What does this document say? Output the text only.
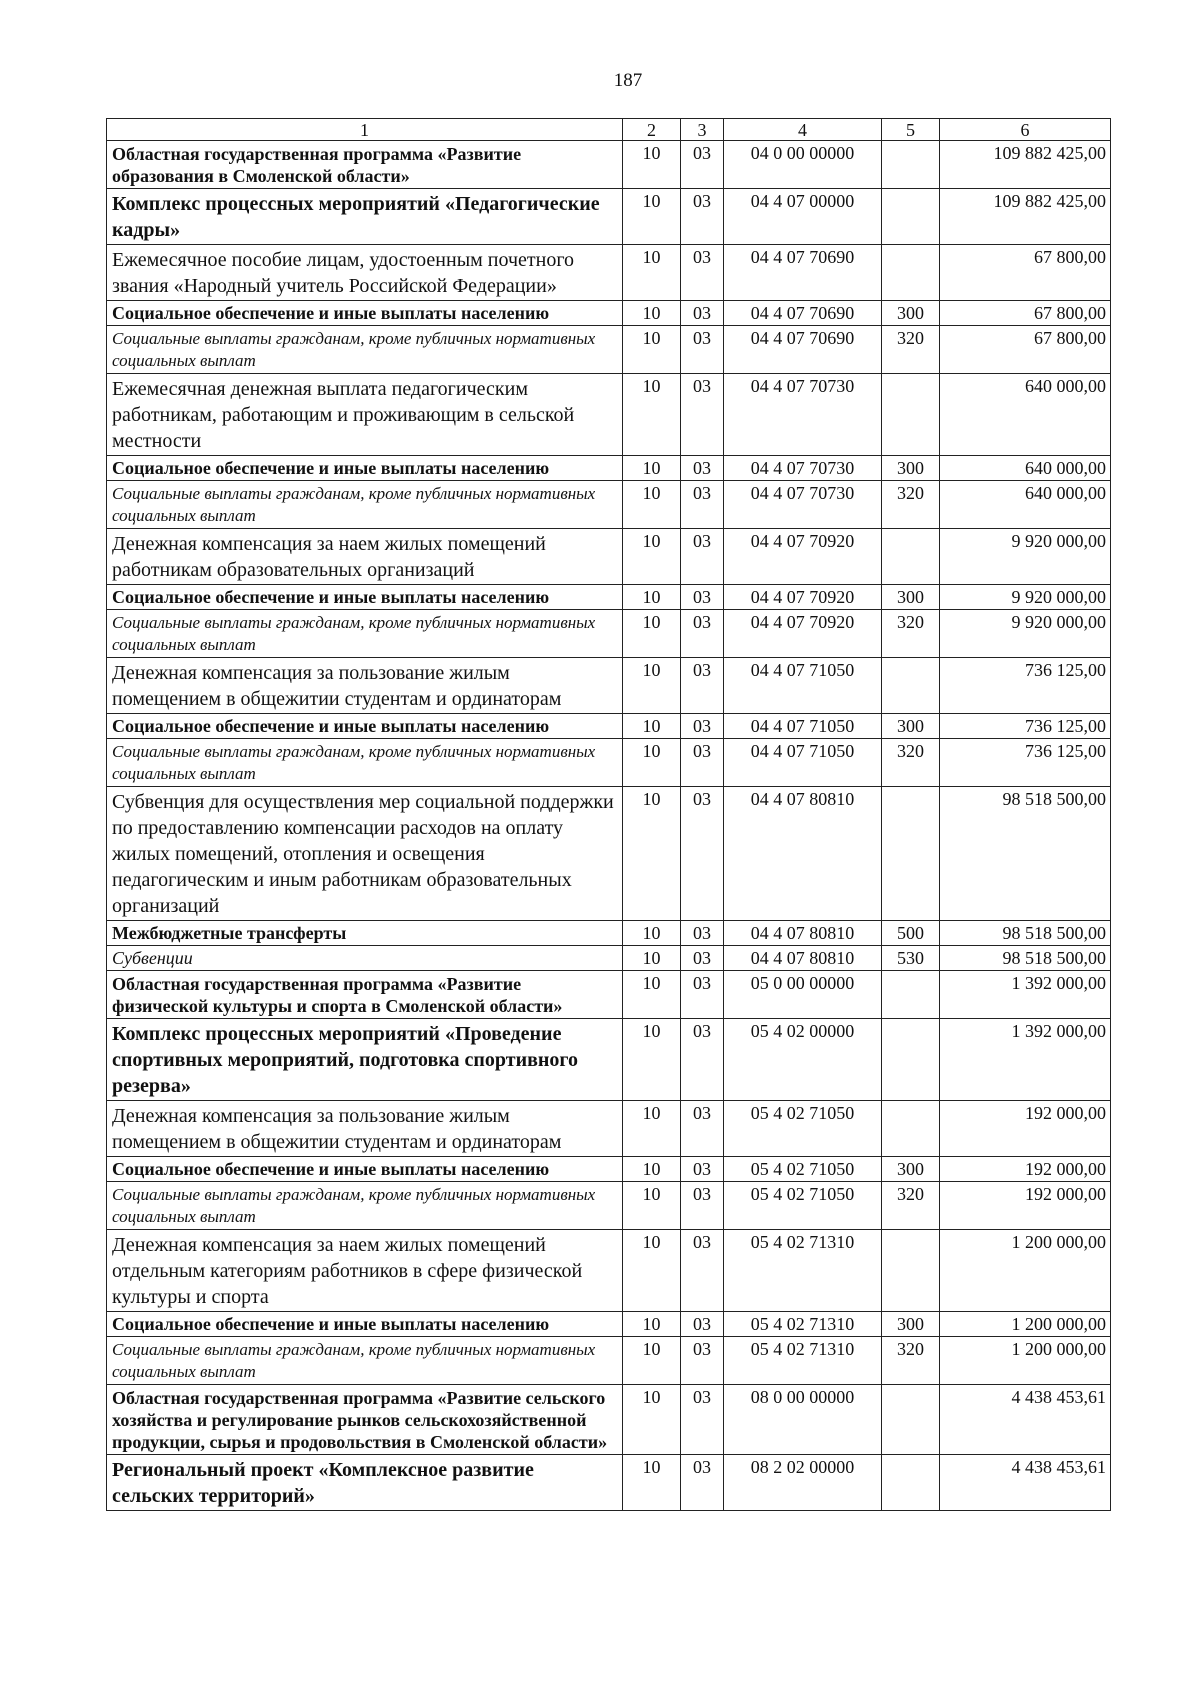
187
1	2	3	4	5	6
Областная государственная программа «Развитие образования в Смоленской области»	10	03	04 0 00 00000		109 882 425,00
Комплекс процессных мероприятий «Педагогические кадры»	10	03	04 4 07 00000		109 882 425,00
Ежемесячное пособие лицам, удостоенным почетного звания «Народный учитель Российской Федерации»	10	03	04 4 07 70690		67 800,00
Социальное обеспечение и иные выплаты населению	10	03	04 4 07 70690	300	67 800,00
Социальные выплаты гражданам, кроме публичных нормативных социальных выплат	10	03	04 4 07 70690	320	67 800,00
Ежемесячная денежная выплата педагогическим работникам, работающим и проживающим в сельской местности	10	03	04 4 07 70730		640 000,00
Социальное обеспечение и иные выплаты населению	10	03	04 4 07 70730	300	640 000,00
Социальные выплаты гражданам, кроме публичных нормативных социальных выплат	10	03	04 4 07 70730	320	640 000,00
Денежная компенсация за наем жилых помещений работникам образовательных организаций	10	03	04 4 07 70920		9 920 000,00
Социальное обеспечение и иные выплаты населению	10	03	04 4 07 70920	300	9 920 000,00
Социальные выплаты гражданам, кроме публичных нормативных социальных выплат	10	03	04 4 07 70920	320	9 920 000,00
Денежная компенсация за пользование жилым помещением в общежитии студентам и ординаторам	10	03	04 4 07 71050		736 125,00
Социальное обеспечение и иные выплаты населению	10	03	04 4 07 71050	300	736 125,00
Социальные выплаты гражданам, кроме публичных нормативных социальных выплат	10	03	04 4 07 71050	320	736 125,00
Субвенция для осуществления мер социальной поддержки по предоставлению компенсации расходов на оплату жилых помещений, отопления и освещения педагогическим и иным работникам образовательных организаций	10	03	04 4 07 80810		98 518 500,00
Межбюджетные трансферты	10	03	04 4 07 80810	500	98 518 500,00
Субвенции	10	03	04 4 07 80810	530	98 518 500,00
Областная государственная программа «Развитие физической культуры и спорта в Смоленской области»	10	03	05 0 00 00000		1 392 000,00
Комплекс процессных мероприятий «Проведение спортивных мероприятий, подготовка спортивного резерва»	10	03	05 4 02 00000		1 392 000,00
Денежная компенсация за пользование жилым помещением в общежитии студентам и ординаторам	10	03	05 4 02 71050		192 000,00
Социальное обеспечение и иные выплаты населению	10	03	05 4 02 71050	300	192 000,00
Социальные выплаты гражданам, кроме публичных нормативных социальных выплат	10	03	05 4 02 71050	320	192 000,00
Денежная компенсация за наем жилых помещений отдельным категориям работников в сфере физической культуры и спорта	10	03	05 4 02 71310		1 200 000,00
Социальное обеспечение и иные выплаты населению	10	03	05 4 02 71310	300	1 200 000,00
Социальные выплаты гражданам, кроме публичных нормативных социальных выплат	10	03	05 4 02 71310	320	1 200 000,00
Областная государственная программа «Развитие сельского хозяйства и регулирование рынков сельскохозяйственной продукции, сырья и продовольствия в Смоленской области»	10	03	08 0 00 00000		4 438 453,61
Региональный проект «Комплексное развитие сельских территорий»	10	03	08 2 02 00000		4 438 453,61
